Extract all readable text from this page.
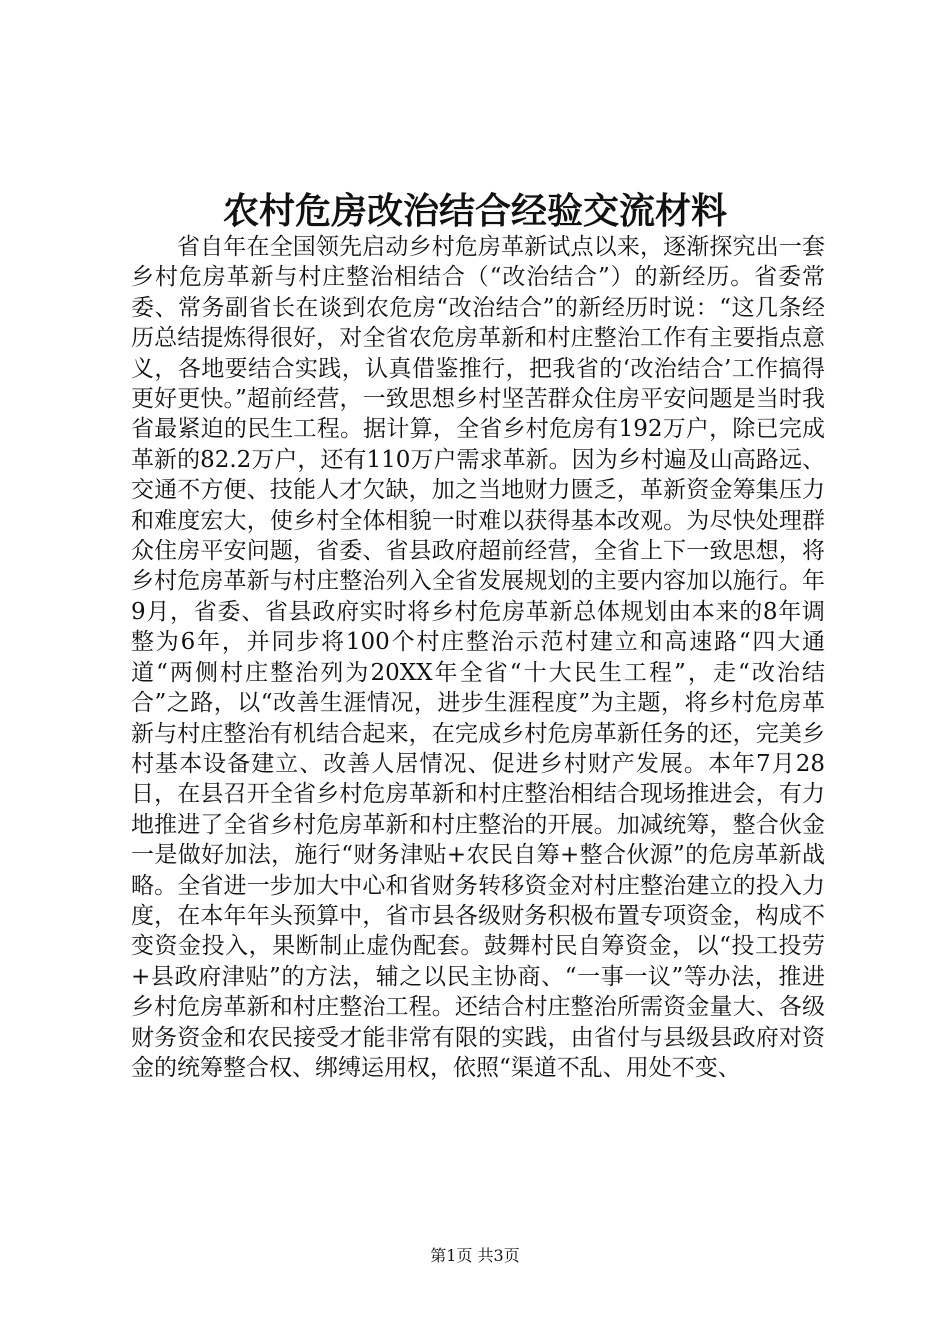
农村危房改治结合经验交流材料

省自年在全国领先启动乡村危房革新试点以来，逐渐探究出一套乡村危房革新与村庄整治相结合（“改治结合”）的新经历。省委常委、常务副省长在谈到农危房“改治结合”的新经历时说：“这几条经历总结提炼得很好，对全省农危房革新和村庄整治工作有主要指点意义，各地要结合实践，认真借鉴推行，把我省的‘改治结合’工作搞得更好更快。”超前经营，一致思想乡村坚苦群众住房平安问题是当时我省最紧迫的民生工程。据计算，全省乡村危房有192万户，除已完成革新的82.2万户，还有110万户需求革新。因为乡村遍及山高路远、交通不方便、技能人才欠缺，加之当地财力匮乏，革新资金筹集压力和难度宏大，使乡村全体相貌一时难以获得基本改观。为尽快处理群众住房平安问题，省委、省县政府超前经营，全省上下一致思想，将乡村危房革新与村庄整治列入全省发展规划的主要内容加以施行。年9月，省委、省县政府实时将乡村危房革新总体规划由本来的8年调整为6年，并同步将100个村庄整治示范村建立和高速路“四大通道“两侧村庄整治列为20XX年全省“十大民生工程”，走“改治结合”之路，以“改善生涯情况，进步生涯程度”为主题，将乡村危房革新与村庄整治有机结合起来，在完成乡村危房革新任务的还，完美乡村基本设备建立、改善人居情况、促进乡村财产发展。本年7月28日，在县召开全省乡村危房革新和村庄整治相结合现场推进会，有力地推进了全省乡村危房革新和村庄整治的开展。加减统筹，整合伙金一是做好加法，施行“财务津贴+农民自筹+整合伙源”的危房革新战略。全省进一步加大中心和省财务转移资金对村庄整治建立的投入力度，在本年年头预算中，省市县各级财务积极布置专项资金，构成不变资金投入，果断制止虚伪配套。鼓舞村民自筹资金，以“投工投劳+县政府津贴”的方法，辅之以民主协商、“一事一议”等办法，推进乡村危房革新和村庄整治工程。还结合村庄整治所需资金量大、各级财务资金和农民接受才能非常有限的实践，由省付与县级县政府对资金的统筹整合权、绑缚运用权，依照“渠道不乱、用处不变、

第1页 共3页
